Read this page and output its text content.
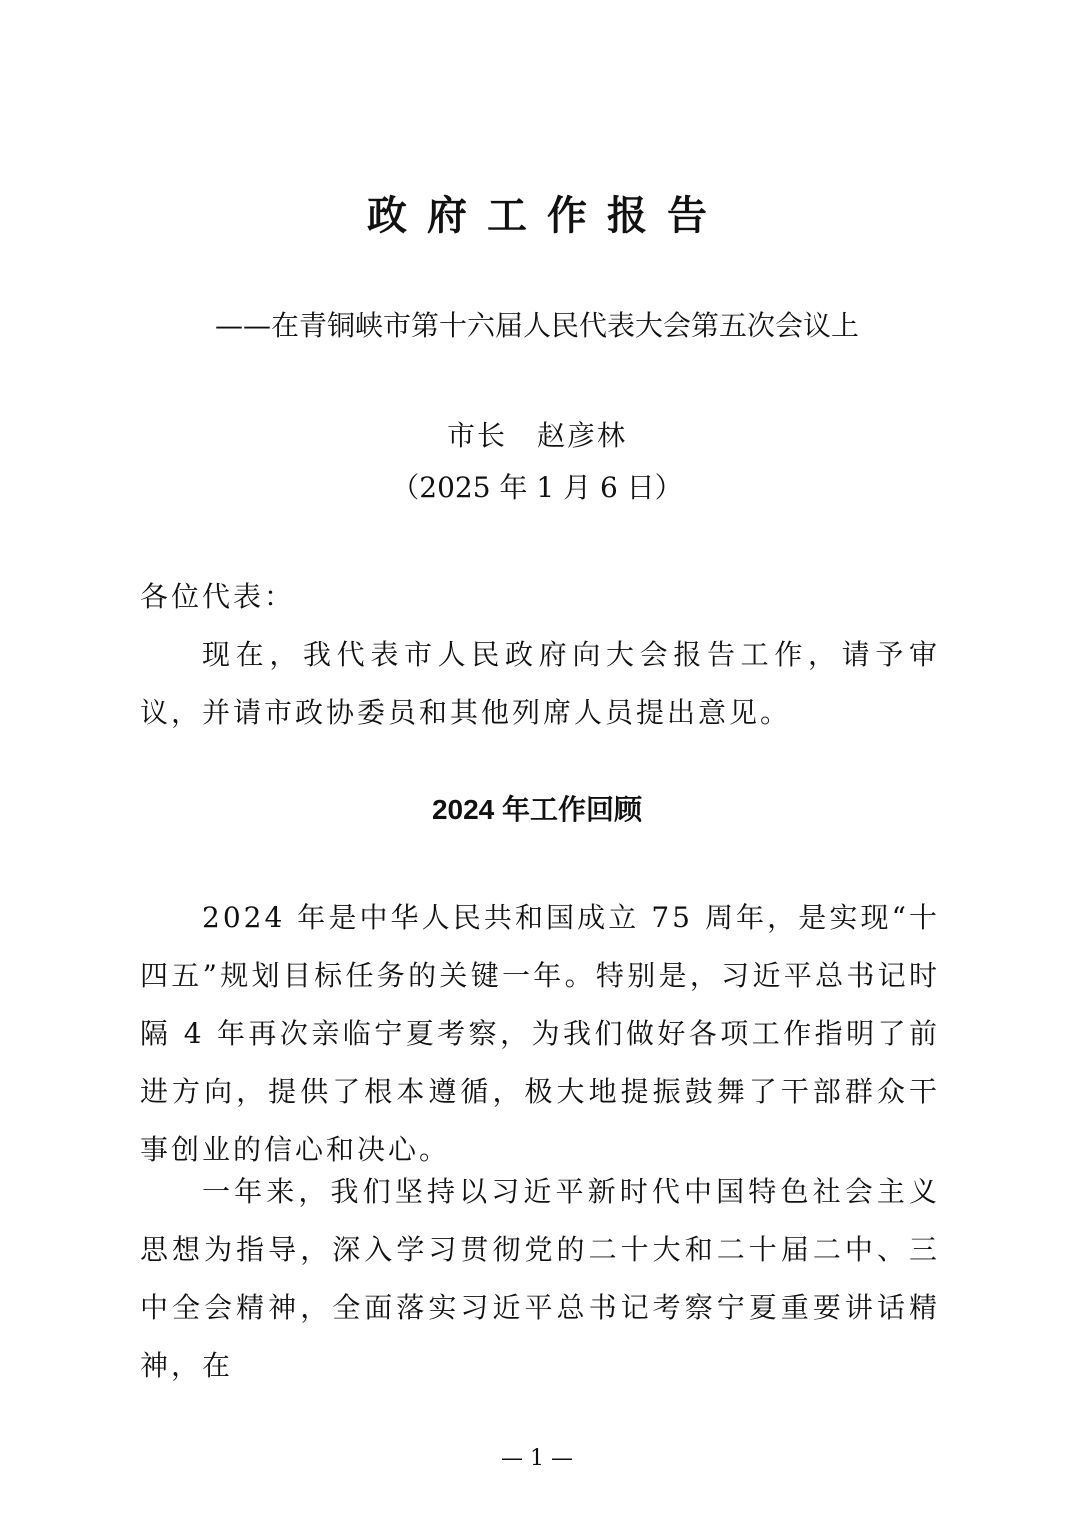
政府工作报告

——在青铜峡市第十六届人民代表大会第五次会议上

市长　赵彦林

（2025 年 1 月 6 日）

各位代表：

现在，我代表市人民政府向大会报告工作，请予审议，并请市政协委员和其他列席人员提出意见。

2024 年工作回顾

2024 年是中华人民共和国成立 75 周年，是实现“十四五”规划目标任务的关键一年。特别是，习近平总书记时隔 4 年再次亲临宁夏考察，为我们做好各项工作指明了前进方向，提供了根本遵循，极大地提振鼓舞了干部群众干事创业的信心和决心。

一年来，我们坚持以习近平新时代中国特色社会主义思想为指导，深入学习贯彻党的二十大和二十届二中、三中全会精神，全面落实习近平总书记考察宁夏重要讲话精神，在

— 1 —
